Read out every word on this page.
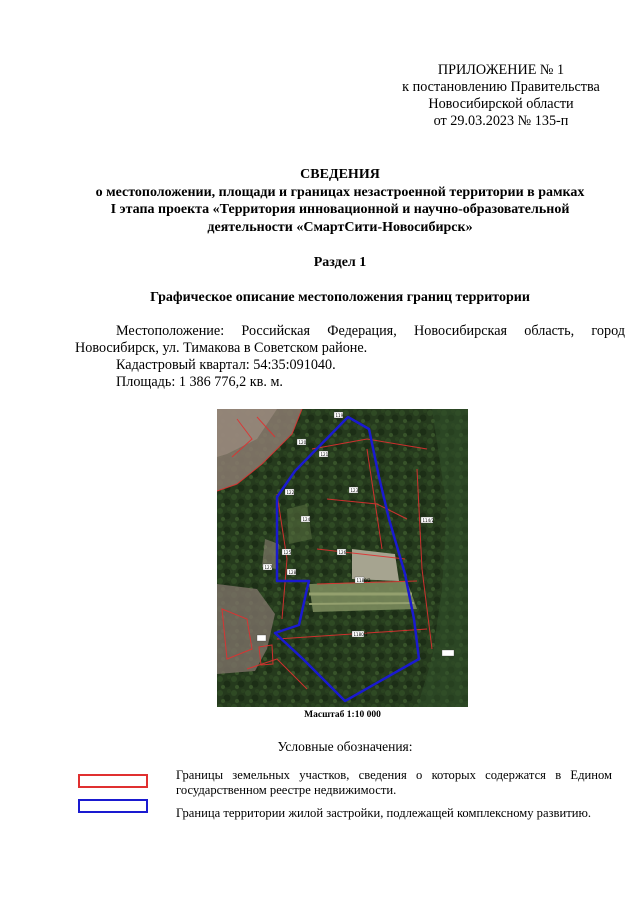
ПРИЛОЖЕНИЕ № 1
к постановлению Правительства
Новосибирской области
от 29.03.2023 № 135-п
СВЕДЕНИЯ
о местоположении, площади и границах незастроенной территории в рамках
I этапа проекта «Территория инновационной и научно-образовательной
деятельности «СмартСити-Новосибирск»
Раздел 1
Графическое описание местоположения границ территории
Местоположение: Российская Федерация, Новосибирская область, город Новосибирск, ул. Тимакова в Советском районе.
Кадастровый квартал: 54:35:091040.
Площадь: 1 386 776,2 кв. м.
119
120
121
122	123
124
125	126
127
128
1180/2
1180/3
114/2
Масштаб 1:10 000
Условные обозначения:
Границы земельных участков, сведения о которых содержатся в Едином государственном реестре недвижимости.
Граница территории жилой застройки, подлежащей комплексному развитию.
